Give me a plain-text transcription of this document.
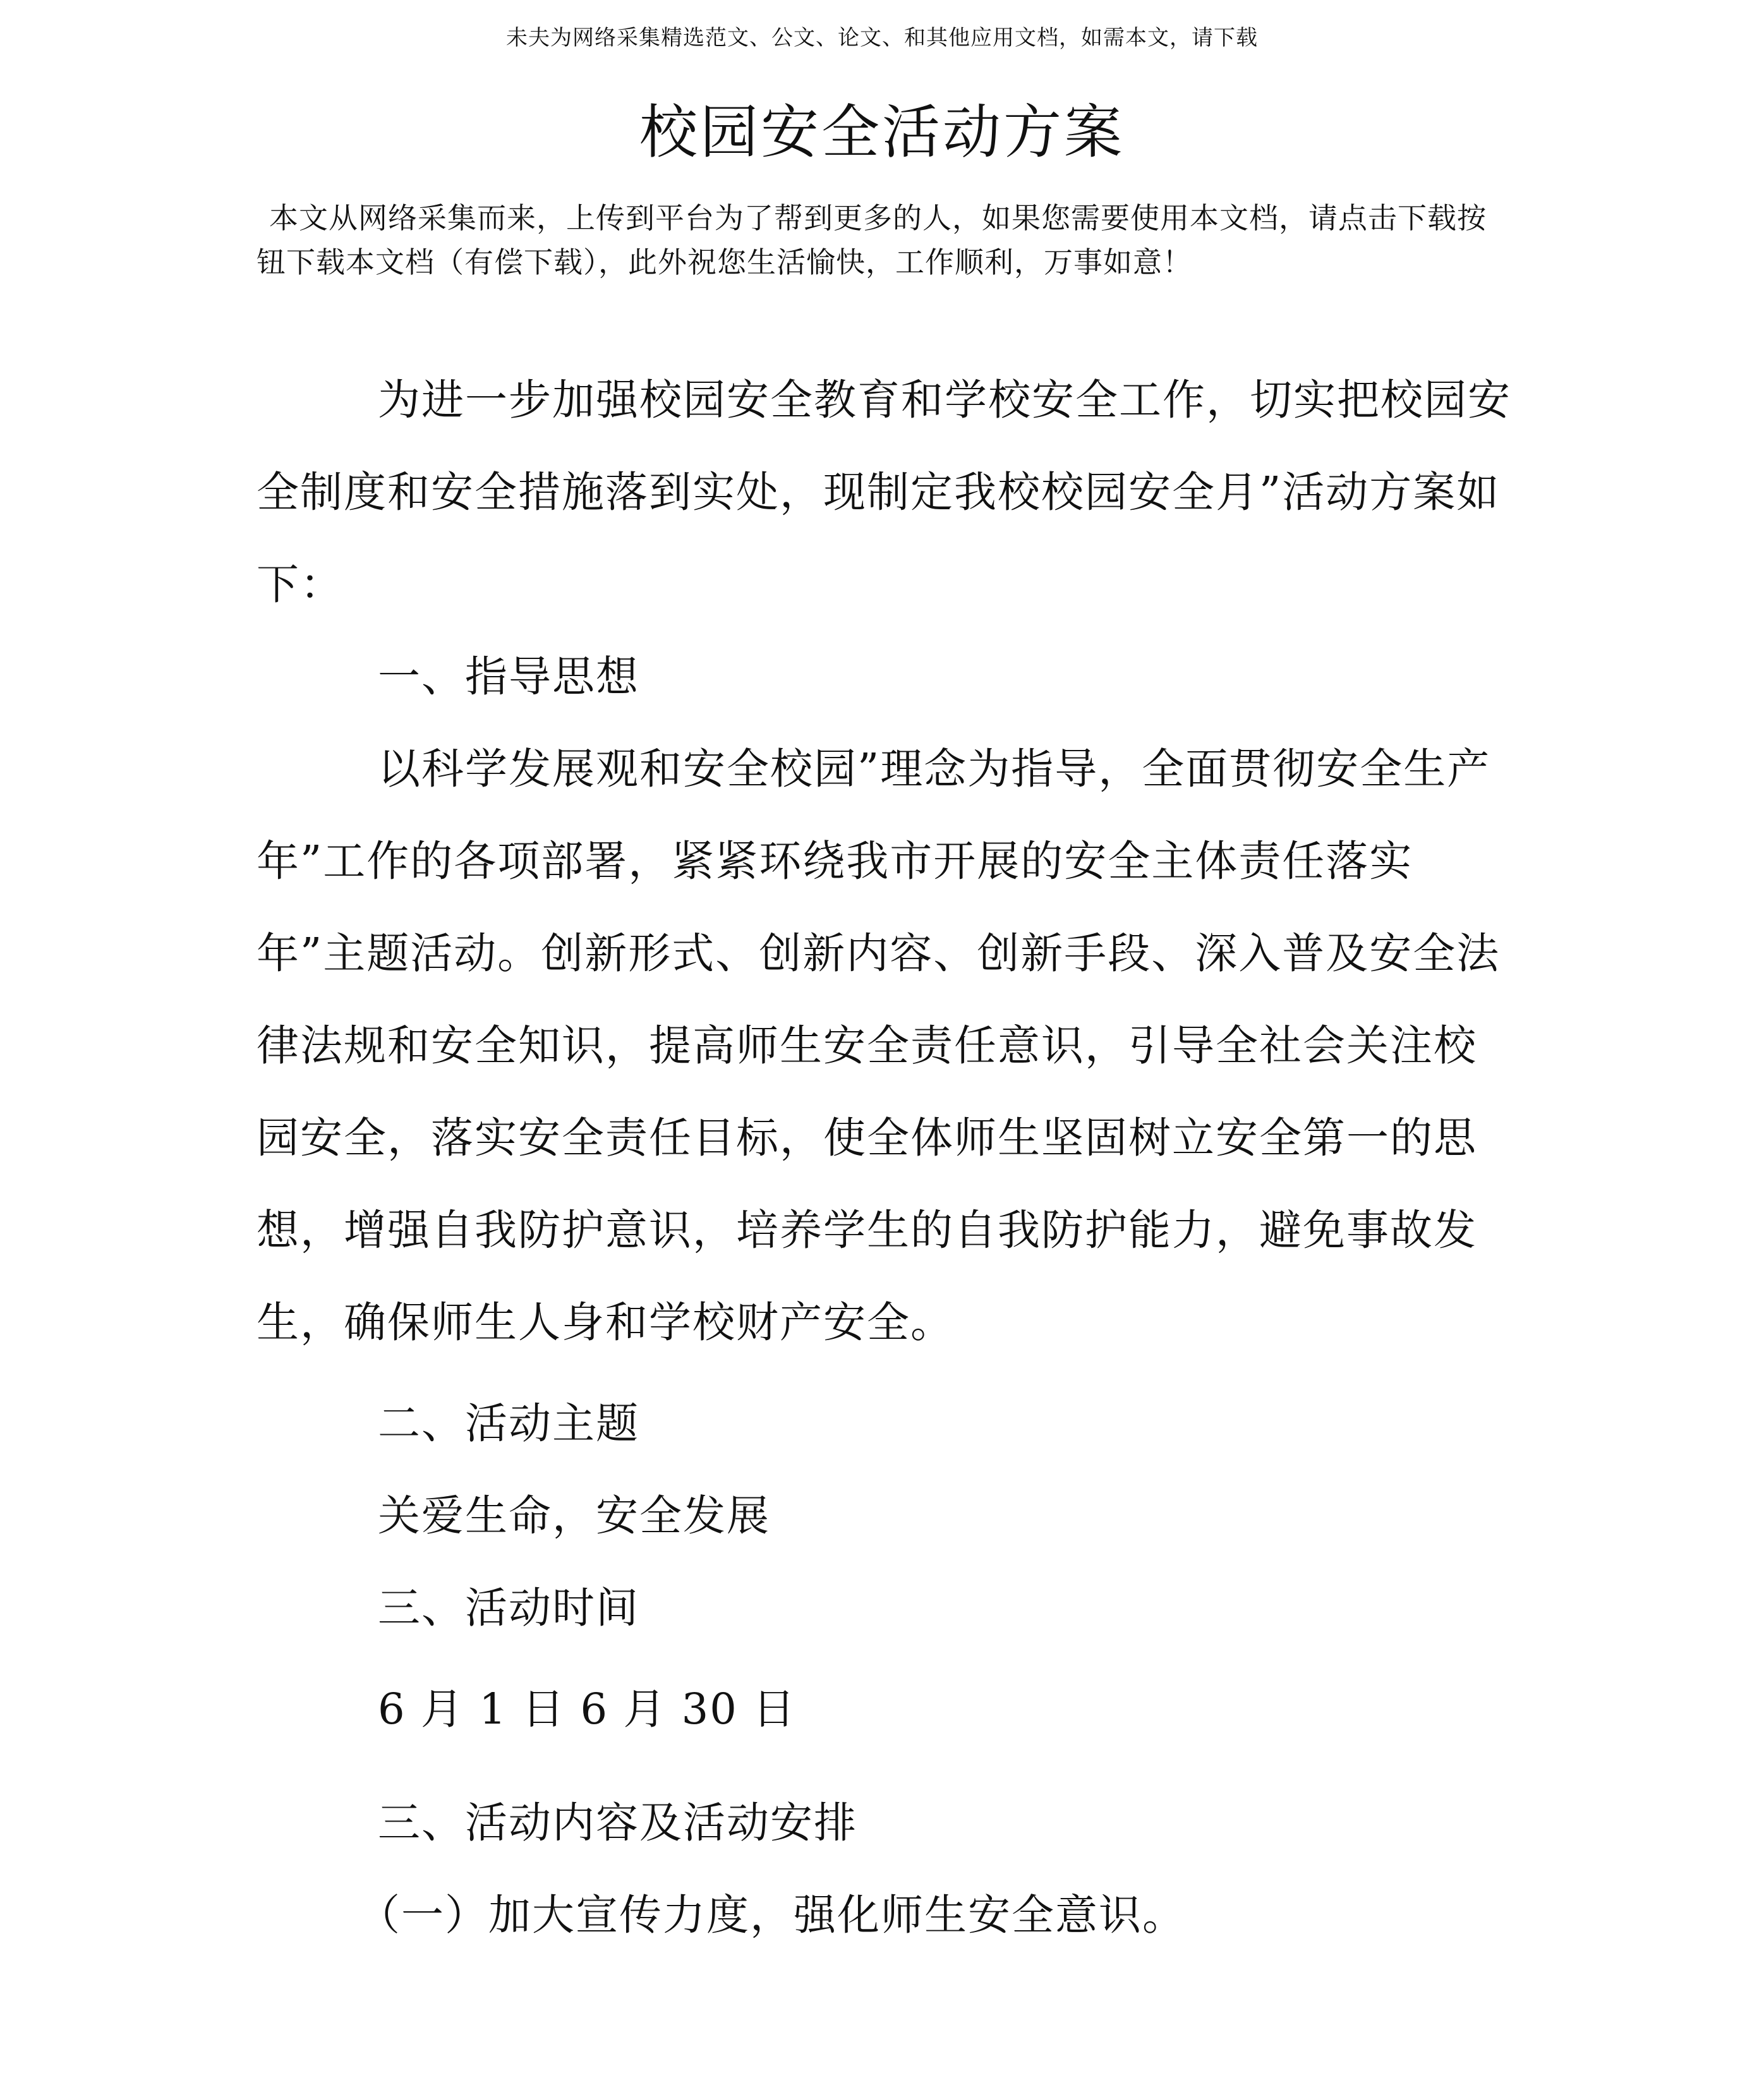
未夫为网络采集精选范文、公文、论文、和其他应用文档，如需本文，请下载
校园安全活动方案

本文从网络采集而来，上传到平台为了帮到更多的人，如果您需要使用本文档，请点击下载按钮下载本文档（有偿下载），此外祝您生活愉快，工作顺利，万事如意！

为进一步加强校园安全教育和学校安全工作，切实把校园安全制度和安全措施落到实处，现制定我校校园安全月”活动方案如下：

一、指导思想

以科学发展观和安全校园”理念为指导，全面贯彻安全生产年”工作的各项部署，紧紧环绕我市开展的安全主体责任落实年”主题活动。创新形式、创新内容、创新手段、深入普及安全法律法规和安全知识，提高师生安全责任意识，引导全社会关注校园安全，落实安全责任目标，使全体师生坚固树立安全第一的思想，增强自我防护意识，培养学生的自我防护能力，避免事故发生，确保师生人身和学校财产安全。

二、活动主题

关爱生命，安全发展

三、活动时间

6 月 1 日 6 月 30 日

三、活动内容及活动安排

（一）加大宣传力度，强化师生安全意识。
